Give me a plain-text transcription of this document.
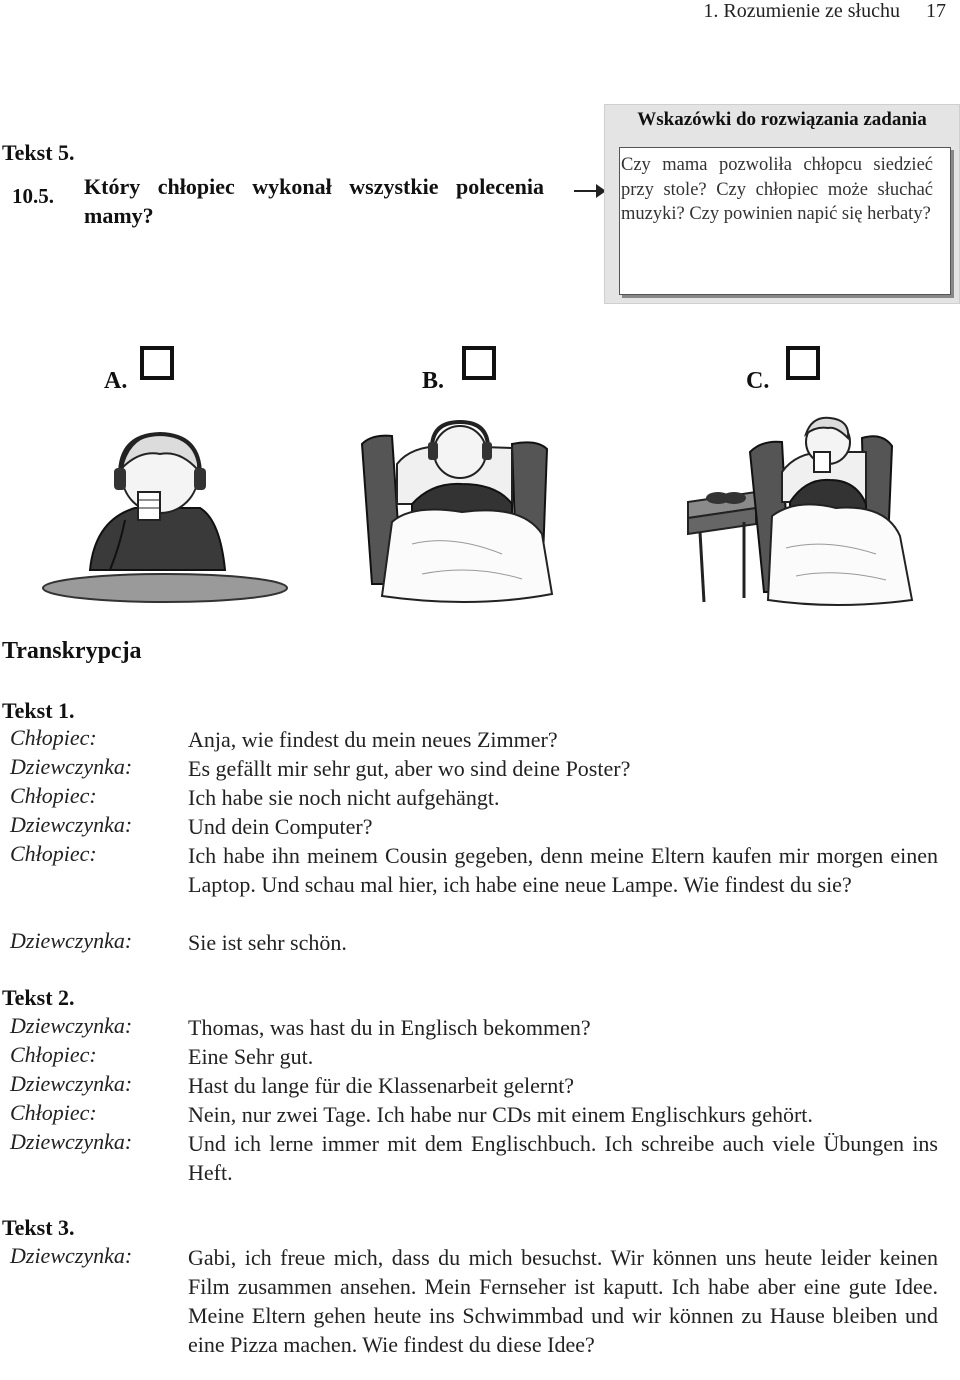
1. Rozumienie ze słuchu 17
Tekst 5.
10.5. Który chłopiec wykonał wszystkie polecenia mamy?
Wskazówki do rozwiązania zadania
Czy mama pozwoliła chłopcu siedzieć przy stole? Czy chłopiec może słuchać muzyki? Czy powinien napić się herbaty?
A.	B.	C.
Transkrypcja
Tekst 1.
Chłopiec:	Anja, wie findest du mein neues Zimmer?
Dziewczynka:	Es gefällt mir sehr gut, aber wo sind deine Poster?
Chłopiec:	Ich habe sie noch nicht aufgehängt.
Dziewczynka:	Und dein Computer?
Chłopiec:	Ich habe ihn meinem Cousin gegeben, denn meine Eltern kaufen mir morgen einen Laptop. Und schau mal hier, ich habe eine neue Lampe. Wie findest du sie?
Dziewczynka:	Sie ist sehr schön.
Tekst 2.
Dziewczynka:	Thomas, was hast du in Englisch bekommen?
Chłopiec:	Eine Sehr gut.
Dziewczynka:	Hast du lange für die Klassenarbeit gelernt?
Chłopiec:	Nein, nur zwei Tage. Ich habe nur CDs mit einem Englischkurs gehört.
Dziewczynka:	Und ich lerne immer mit dem Englischbuch. Ich schreibe auch viele Übungen ins Heft.
Tekst 3.
Dziewczynka:	Gabi, ich freue mich, dass du mich besuchst. Wir können uns heute leider keinen Film zusammen ansehen. Mein Fernseher ist kaputt. Ich habe aber eine gute Idee. Meine Eltern gehen heute ins Schwimmbad und wir können zu Hause bleiben und eine Pizza machen. Wie findest du diese Idee?
